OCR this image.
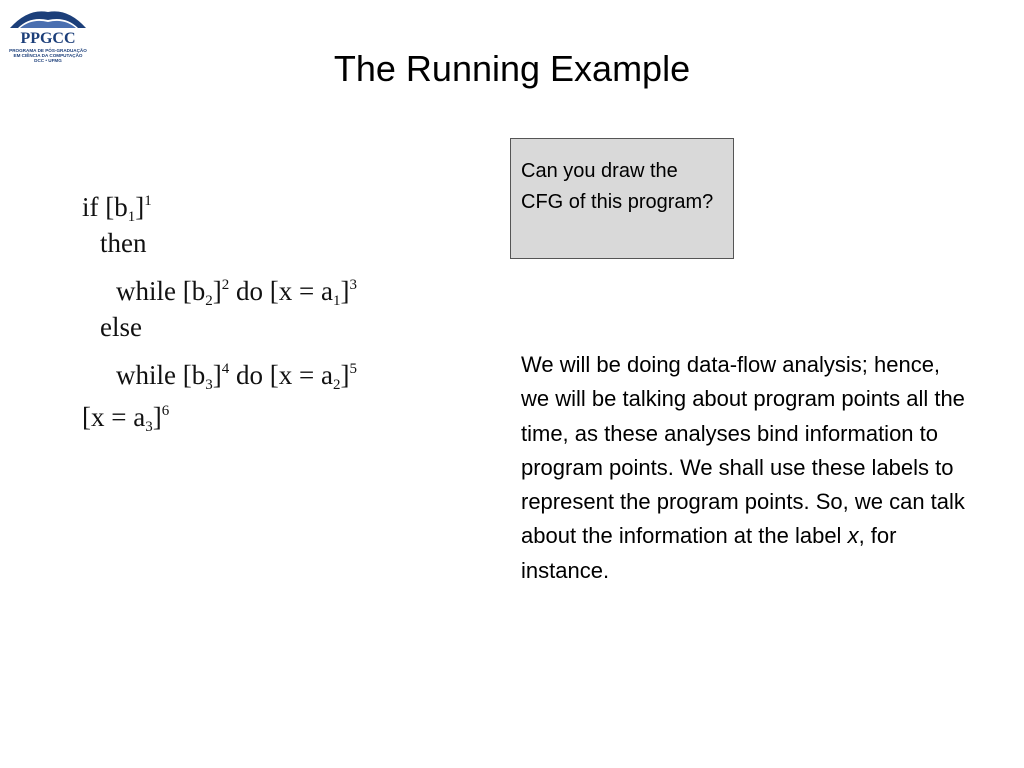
PPGCC
PROGRAMA DE PÓS-GRADUAÇÃO
EM CIÊNCIA DA COMPUTAÇÃO
DCC • UFMG	The Running Example
if $[b_1]^1$
then
while $[b_2]^2$ do $[x = a_1]^3$
else
while $[b_3]^4$ do $[x = a_2]^5$
$[x = a_3]^6$
Can you draw the CFG of this program?
We will be doing data-flow analysis; hence, we will be talking about program points all the time, as these analyses bind information to program points. We shall use these labels to represent the program points. So, we can talk about the information at the label x, for instance.
